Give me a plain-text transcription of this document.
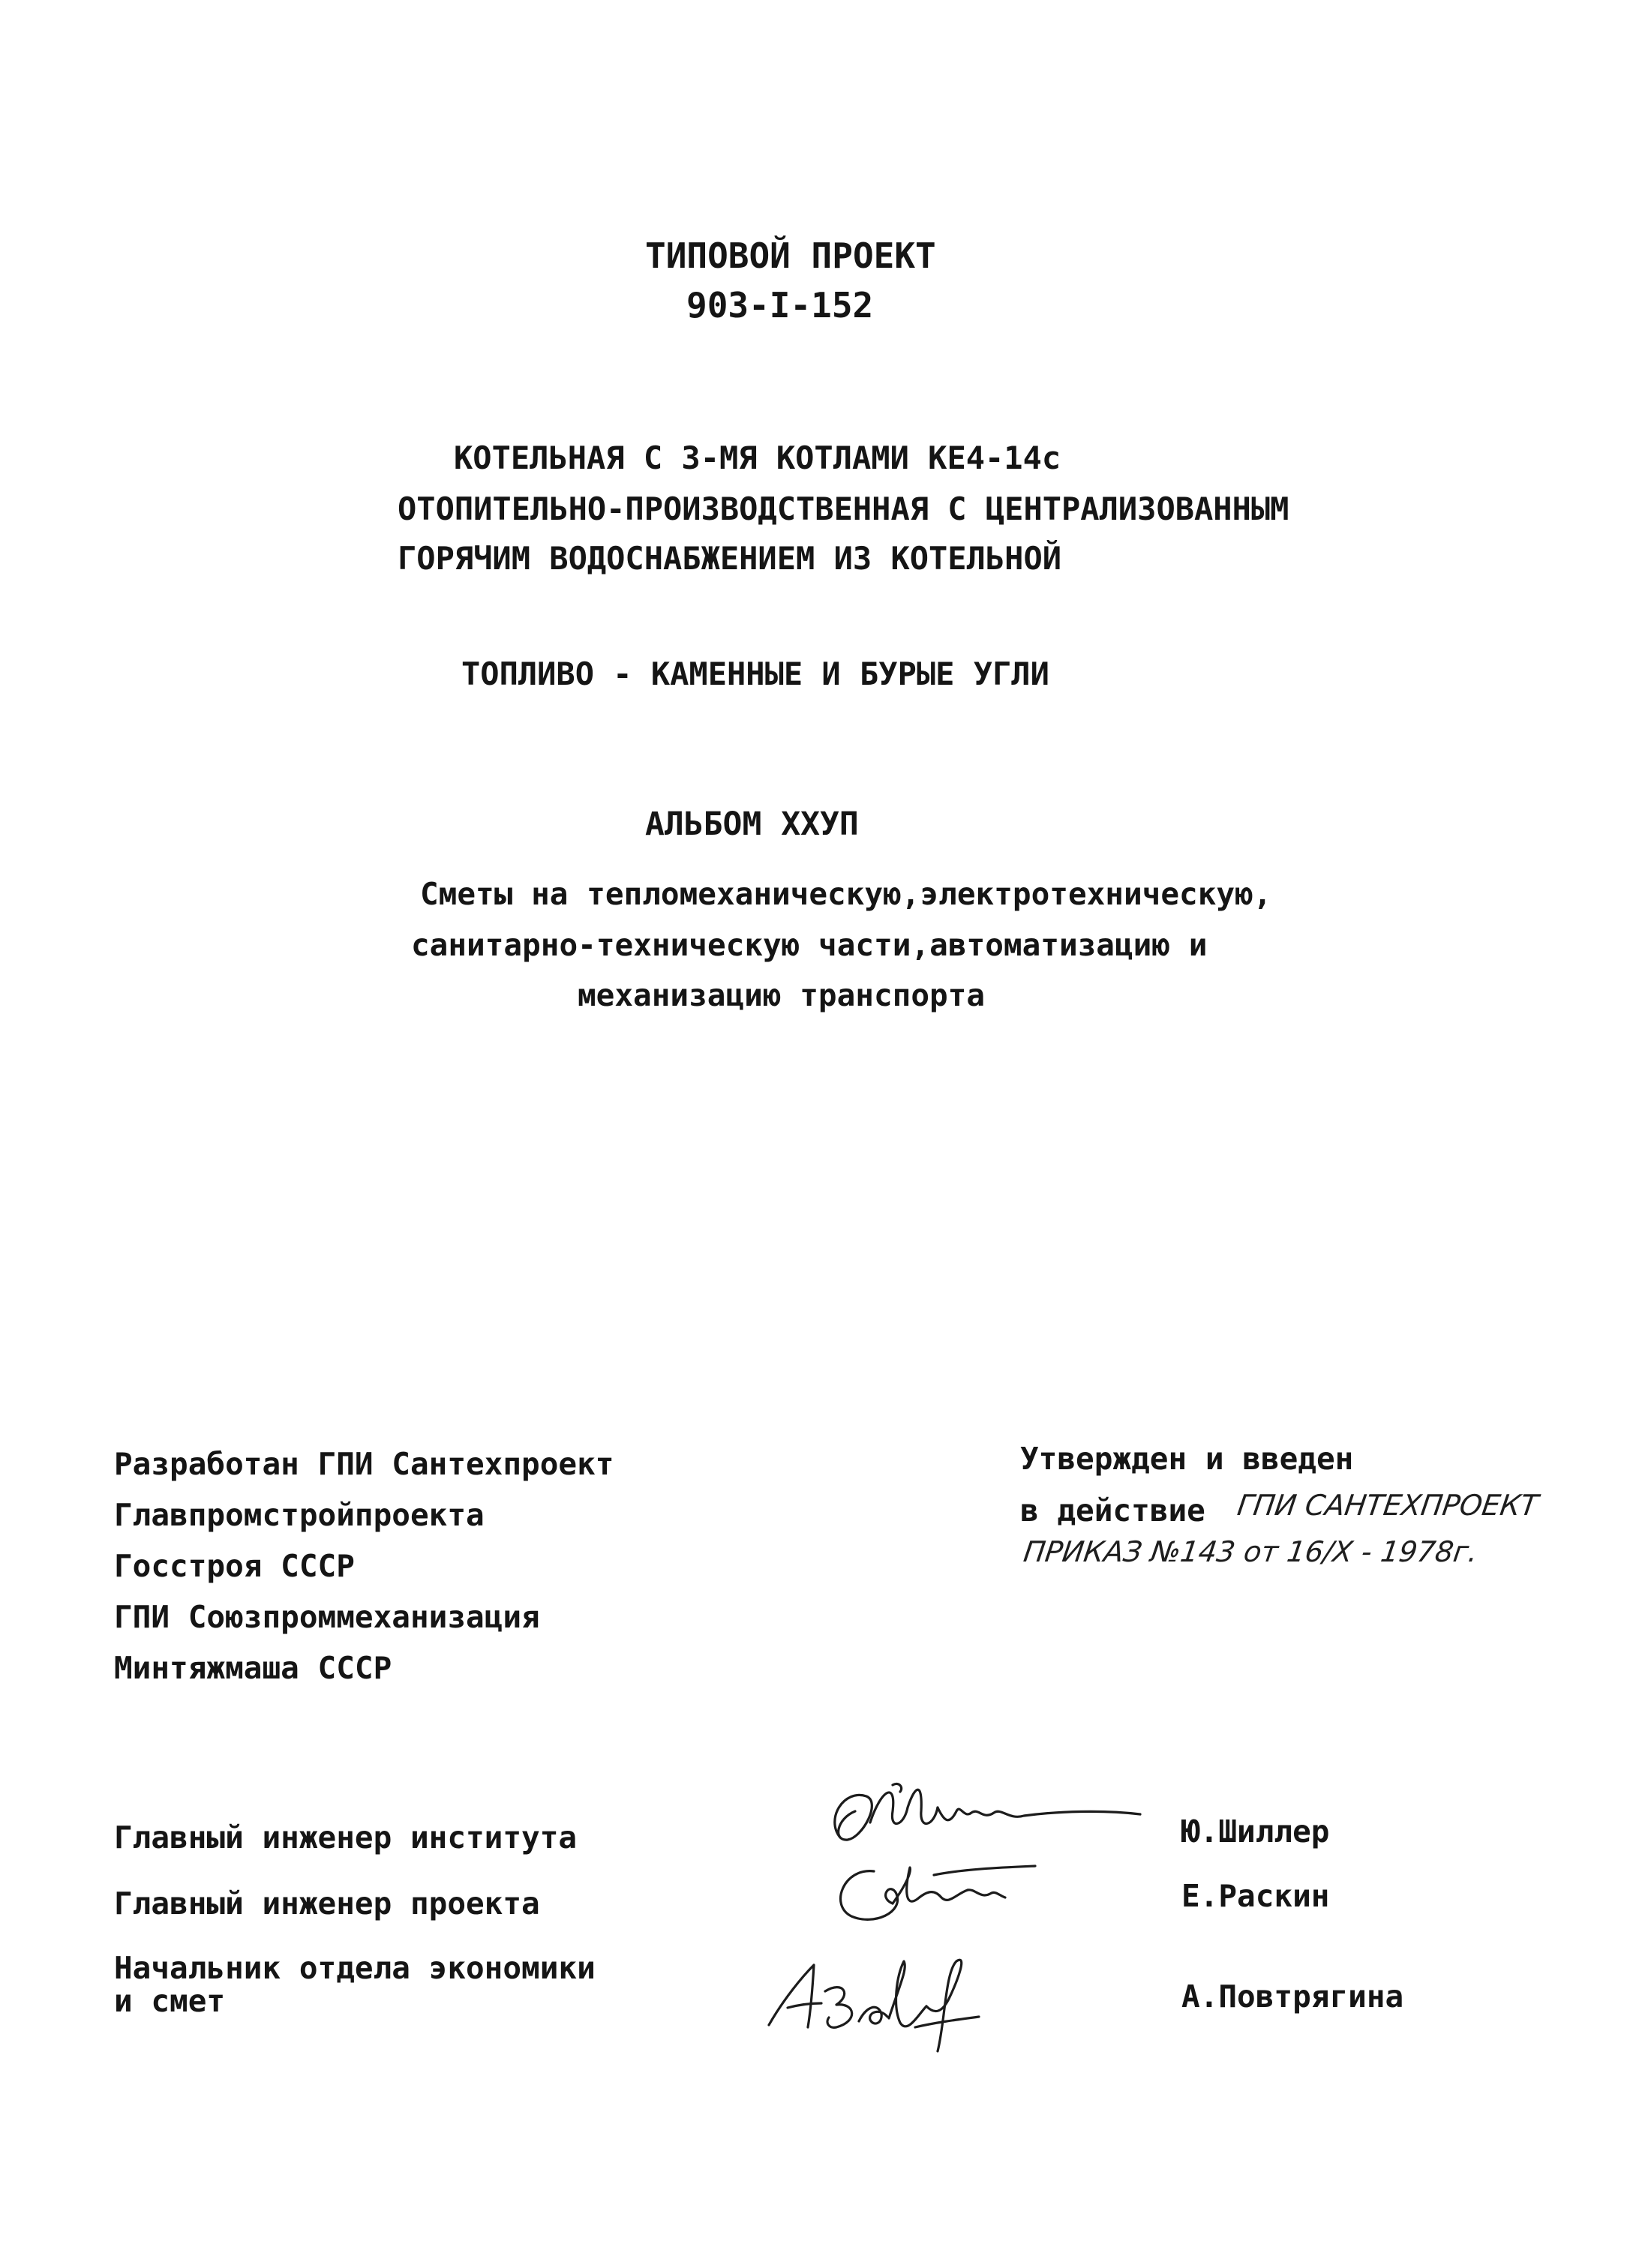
ТИПОВОЙ ПРОЕКТ
903-I-152
КОТЕЛЬНАЯ С 3-МЯ КОТЛАМИ КЕ4-14с
ОТОПИТЕЛЬНО-ПРОИЗВОДСТВЕННАЯ С ЦЕНТРАЛИЗОВАННЫМ
ГОРЯЧИМ ВОДОСНАБЖЕНИЕМ ИЗ КОТЕЛЬНОЙ
ТОПЛИВО - КАМЕННЫЕ И БУРЫЕ УГЛИ
АЛЬБОМ ХХУП
Сметы на тепломеханическую,электротехническую,
санитарно-техническую части,автоматизацию и
механизацию транспорта
Разработан ГПИ Сантехпроект
Главпромстройпроекта
Госстроя СССР
ГПИ Союзпроммеханизация
Минтяжмаша СССР
Утвержден и введен
в действие ГПИ САНТЕХПРОЕКТ
ПРИКАЗ №143 от 16/X - 1978г.
Главный инженер института	Ю.Шиллер
Главный инженер проекта	Е.Раскин
Начальник отдела экономики
и смет	А.Повтрягина
